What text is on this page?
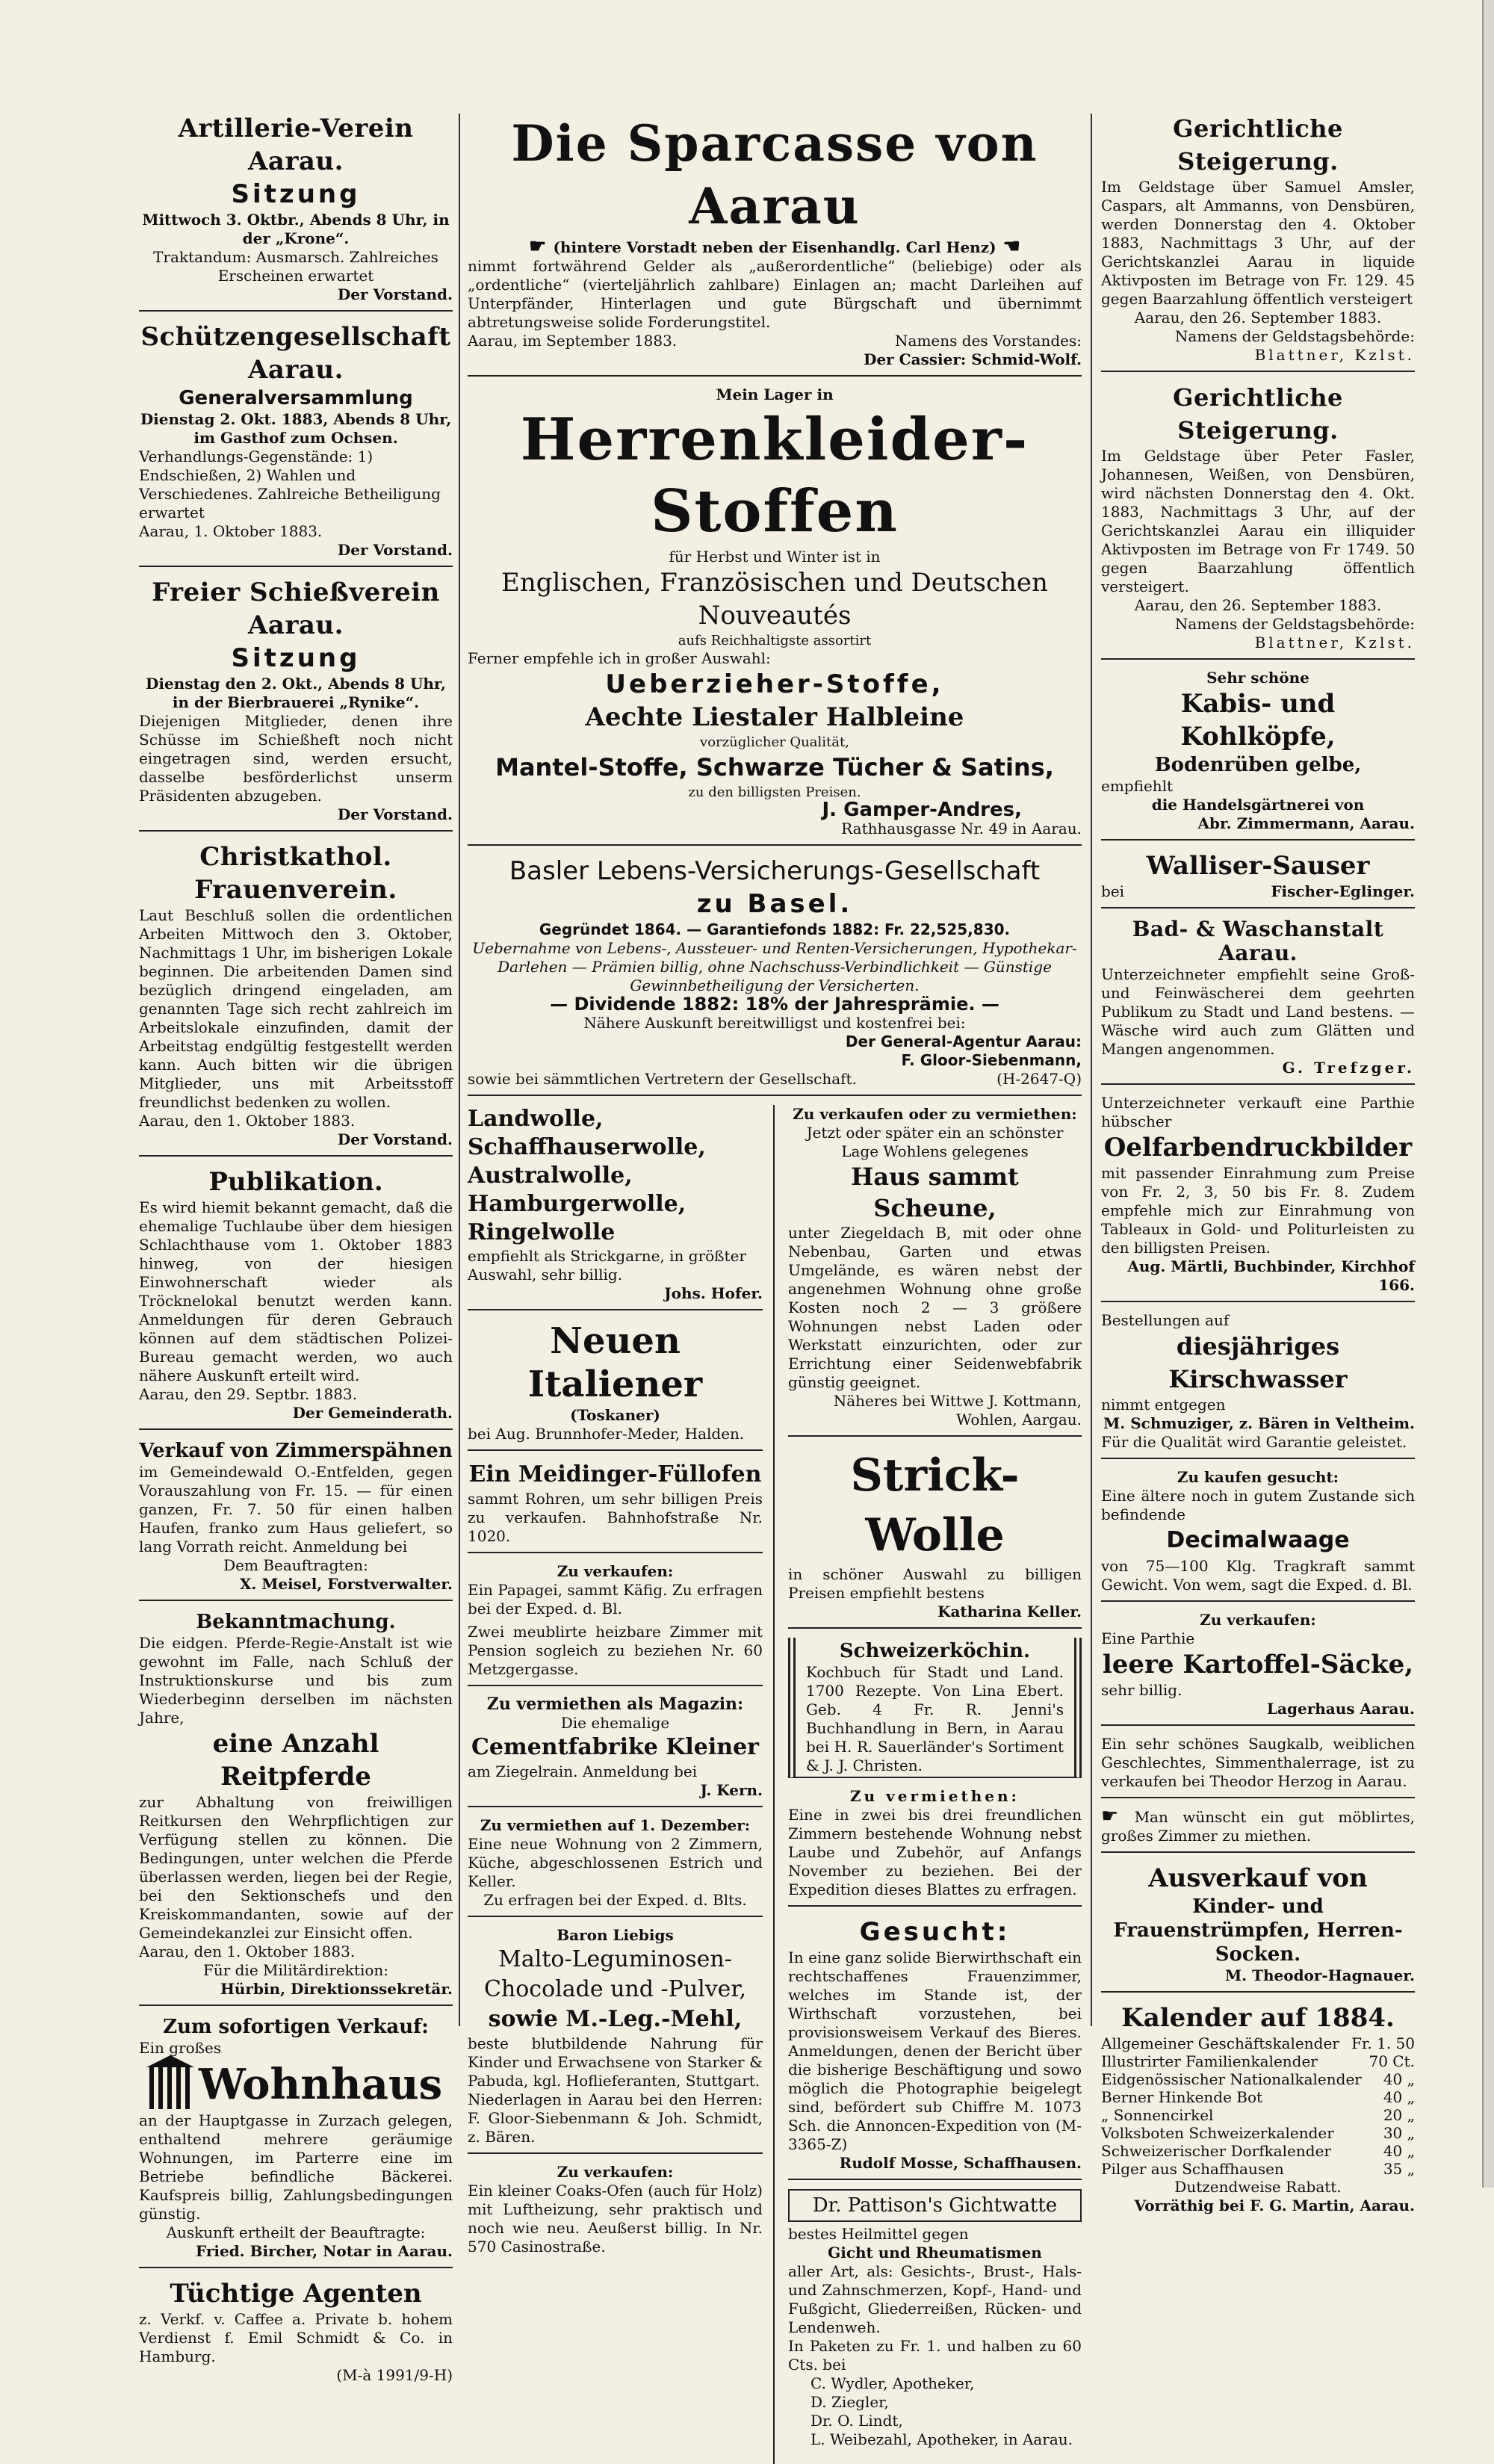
Artillerie-Verein Aarau.
Sitzung

Mittwoch 3. Oktbr., Abends 8 Uhr, in der „Krone“.

Traktandum: Ausmarsch. Zahlreiches Erscheinen erwartet

Der Vorstand.

Schützengesellschaft Aarau.
Generalversammlung

Dienstag 2. Okt. 1883, Abends 8 Uhr, im Gasthof zum Ochsen.

Verhandlungs-Gegenstände: 1) Endschießen, 2) Wahlen und Verschiedenes. Zahlreiche Betheiligung erwartet

Aarau, 1. Oktober 1883.

Der Vorstand.

Freier Schießverein Aarau.
Sitzung

Dienstag den 2. Okt., Abends 8 Uhr, in der Bierbrauerei „Rynike“.

Diejenigen Mitglieder, denen ihre Schüsse im Schießheft noch nicht eingetragen sind, werden ersucht, dasselbe besförderlichst unserm Präsidenten abzugeben.

Der Vorstand.

Christkathol. Frauenverein.

Laut Beschluß sollen die ordentlichen Arbeiten Mittwoch den 3. Oktober, Nachmittags 1 Uhr, im bisherigen Lokale beginnen. Die arbeitenden Damen sind bezüglich dringend eingeladen, am genannten Tage sich recht zahlreich im Arbeitslokale einzufinden, damit der Arbeitstag endgültig festgestellt werden kann. Auch bitten wir die übrigen Mitglieder, uns mit Arbeitsstoff freundlichst bedenken zu wollen.

Aarau, den 1. Oktober 1883.

Der Vorstand.

Publikation.

Es wird hiemit bekannt gemacht, daß die ehemalige Tuchlaube über dem hiesigen Schlachthause vom 1. Oktober 1883 hinweg, von der hiesigen Einwohnerschaft wieder als Tröcknelokal benutzt werden kann. Anmeldungen für deren Gebrauch können auf dem städtischen Polizei-Bureau gemacht werden, wo auch nähere Auskunft erteilt wird.

Aarau, den 29. Septbr. 1883.

Der Gemeinderath.

Verkauf von Zimmerspähnen

im Gemeindewald O.-Entfelden, gegen Vorauszahlung von Fr. 15. — für einen ganzen, Fr. 7. 50 für einen halben Haufen, franko zum Haus geliefert, so lang Vorrath reicht. Anmeldung bei

Dem Beauftragten:

X. Meisel, Forstverwalter.

Bekanntmachung.

Die eidgen. Pferde-Regie-Anstalt ist wie gewohnt im Falle, nach Schluß der Instruktionskurse und bis zum Wiederbeginn derselben im nächsten Jahre,

eine Anzahl Reitpferde

zur Abhaltung von freiwilligen Reitkursen den Wehrpflichtigen zur Verfügung stellen zu können. Die Bedingungen, unter welchen die Pferde überlassen werden, liegen bei der Regie, bei den Sektionschefs und den Kreiskommandanten, sowie auf der Gemeindekanzlei zur Einsicht offen.

Aarau, den 1. Oktober 1883.

Für die Militärdirektion:

Hürbin, Direktionssekretär.

Zum sofortigen Verkauf:

Ein großes

Wohnhaus

an der Hauptgasse in Zurzach gelegen, enthaltend mehrere geräumige Wohnungen, im Parterre eine im Betriebe befindliche Bäckerei. Kaufspreis billig, Zahlungsbedingungen günstig.

Auskunft ertheilt der Beauftragte:

Fried. Bircher, Notar in Aarau.

Tüchtige Agenten

z. Verkf. v. Caffee a. Private b. hohem Verdienst f. Emil Schmidt & Co. in Hamburg.

(M-à 1991/9-H)

Die Sparcasse von Aarau

☛ (hintere Vorstadt neben der Eisenhandlg. Carl Henz) ☚

nimmt fortwährend Gelder als „außerordentliche“ (beliebige) oder als „ordentliche“ (vierteljährlich zahlbare) Einlagen an; macht Darleihen auf Unterpfänder, Hinterlagen und gute Bürgschaft und übernimmt abtretungsweise solide Forderungstitel.

Aarau, im September 1883.	Namens des Vorstandes:

Der Cassier: Schmid-Wolf.

Mein Lager in

Herrenkleider-Stoffen

für Herbst und Winter ist in

Englischen, Französischen und Deutschen Nouveautés

aufs Reichhaltigste assortirt

Ferner empfehle ich in großer Auswahl:

Ueberzieher-Stoffe,
Aechte Liestaler Halbleine

vorzüglicher Qualität,

Mantel-Stoffe, Schwarze Tücher & Satins,

zu den billigsten Preisen.

J. Gamper-Andres,

Rathhausgasse Nr. 49 in Aarau.

Basler Lebens-Versicherungs-Gesellschaft
zu Basel.

Gegründet 1864. — Garantiefonds 1882: Fr. 22,525,830.

Uebernahme von Lebens-, Aussteuer- und Renten-Versicherungen, Hypothekar-Darlehen — Prämien billig, ohne Nachschuss-Verbindlichkeit — Günstige Gewinnbetheiligung der Versicherten.

— Dividende 1882: 18% der Jahresprämie. —

Nähere Auskunft bereitwilligst und kostenfrei bei:

Der General-Agentur Aarau:

F. Gloor-Siebenmann,

sowie bei sämmtlichen Vertretern der Gesellschaft.	(H-2647-Q)
Landwolle,
Schaffhauserwolle,
Australwolle,
Hamburgerwolle,
Ringelwolle

empfiehlt als Strickgarne, in größter Auswahl, sehr billig.

Johs. Hofer.

Neuen Italiener

(Toskaner)

bei Aug. Brunnhofer-Meder, Halden.

Ein Meidinger-Füllofen

sammt Rohren, um sehr billigen Preis zu verkaufen. Bahnhofstraße Nr. 1020.

Zu verkaufen:

Ein Papagei, sammt Käfig. Zu erfragen bei der Exped. d. Bl.

Zwei meublirte heizbare Zimmer mit Pension sogleich zu beziehen Nr. 60 Metzgergasse.

Zu vermiethen als Magazin:

Die ehemalige

Cementfabrike Kleiner

am Ziegelrain. Anmeldung bei

J. Kern.

Zu vermiethen auf 1. Dezember:

Eine neue Wohnung von 2 Zimmern, Küche, abgeschlossenen Estrich und Keller.

Zu erfragen bei der Exped. d. Blts.

Baron Liebigs

Malto-Leguminosen-Chocolade und -Pulver,
sowie M.-Leg.-Mehl,

beste blutbildende Nahrung für Kinder und Erwachsene von Starker & Pabuda, kgl. Hoflieferanten, Stuttgart.

Niederlagen in Aarau bei den Herren: F. Gloor-Siebenmann & Joh. Schmidt, z. Bären.

Zu verkaufen:

Ein kleiner Coaks-Ofen (auch für Holz) mit Luftheizung, sehr praktisch und noch wie neu. Aeußerst billig. In Nr. 570 Casinostraße.

Zu verkaufen oder zu vermiethen:

Jetzt oder später ein an schönster Lage Wohlens gelegenes

Haus sammt Scheune,

unter Ziegeldach B, mit oder ohne Nebenbau, Garten und etwas Umgelände, es wären nebst der angenehmen Wohnung ohne große Kosten noch 2 — 3 größere Wohnungen nebst Laden oder Werkstatt einzurichten, oder zur Errichtung einer Seidenwebfabrik günstig geeignet.

Näheres bei Wittwe J. Kottmann, Wohlen, Aargau.

Strick-Wolle

in schöner Auswahl zu billigen Preisen empfiehlt bestens

Katharina Keller.

Schweizerköchin.

Kochbuch für Stadt und Land. 1700 Rezepte. Von Lina Ebert. Geb. 4 Fr. R. Jenni's Buchhandlung in Bern, in Aarau bei H. R. Sauerländer's Sortiment & J. J. Christen.

Zu vermiethen:

Eine in zwei bis drei freundlichen Zimmern bestehende Wohnung nebst Laube und Zubehör, auf Anfangs November zu beziehen. Bei der Expedition dieses Blattes zu erfragen.

Gesucht:

In eine ganz solide Bierwirthschaft ein rechtschaffenes Frauenzimmer, welches im Stande ist, der Wirthschaft vorzustehen, bei provisionsweisem Verkauf des Bieres. Anmeldungen, denen der Bericht über die bisherige Beschäftigung und sowo möglich die Photographie beigelegt sind, befördert sub Chiffre M. 1073 Sch. die Annoncen-Expedition von (M-3365-Z)

Rudolf Mosse, Schaffhausen.

Dr. Pattison's Gichtwatte

bestes Heilmittel gegen

Gicht und Rheumatismen

aller Art, als: Gesichts-, Brust-, Hals- und Zahnschmerzen, Kopf-, Hand- und Fußgicht, Gliederreißen, Rücken- und Lendenweh.

In Paketen zu Fr. 1. und halben zu 60 Cts. bei

C. Wydler, Apotheker,

D. Ziegler,

Dr. O. Lindt,

L. Weibezahl, Apotheker, in Aarau.

Gerichtliche Steigerung.

Im Geldstage über Samuel Amsler, Caspars, alt Ammanns, von Densbüren, werden Donnerstag den 4. Oktober 1883, Nachmittags 3 Uhr, auf der Gerichtskanzlei Aarau in liquide Aktivposten im Betrage von Fr. 129. 45 gegen Baarzahlung öffentlich versteigert

Aarau, den 26. September 1883.

Namens der Geldstagsbehörde:

Blattner, Kzlst.

Gerichtliche Steigerung.

Im Geldstage über Peter Fasler, Johannesen, Weißen, von Densbüren, wird nächsten Donnerstag den 4. Okt. 1883, Nachmittags 3 Uhr, auf der Gerichtskanzlei Aarau ein illiquider Aktivposten im Betrage von Fr 1749. 50 gegen Baarzahlung öffentlich versteigert.

Aarau, den 26. September 1883.

Namens der Geldstagsbehörde:

Blattner, Kzlst.

Sehr schöne

Kabis- und Kohlköpfe,
Bodenrüben gelbe,

empfiehlt

die Handelsgärtnerei von

Abr. Zimmermann, Aarau.

Walliser-Sauser
bei	Fischer-Eglinger.
Bad- & Waschanstalt Aarau.

Unterzeichneter empfiehlt seine Groß- und Feinwäscherei dem geehrten Publikum zu Stadt und Land bestens. — Wäsche wird auch zum Glätten und Mangen angenommen.

G. Trefzger.

Unterzeichneter verkauft eine Parthie hübscher

Oelfarbendruckbilder

mit passender Einrahmung zum Preise von Fr. 2, 3, 50 bis Fr. 8. Zudem empfehle mich zur Einrahmung von Tableaux in Gold- und Politurleisten zu den billigsten Preisen.

Aug. Märtli, Buchbinder, Kirchhof 166.

Bestellungen auf

diesjähriges Kirschwasser

nimmt entgegen

M. Schmuziger, z. Bären in Veltheim.

Für die Qualität wird Garantie geleistet.

Zu kaufen gesucht:

Eine ältere noch in gutem Zustande sich befindende

Decimalwaage

von 75—100 Klg. Tragkraft sammt Gewicht. Von wem, sagt die Exped. d. Bl.

Zu verkaufen:

Eine Parthie

leere Kartoffel-Säcke,

sehr billig.

Lagerhaus Aarau.

Ein sehr schönes Saugkalb, weiblichen Geschlechtes, Simmenthalerrage, ist zu verkaufen bei Theodor Herzog in Aarau.

☛ Man wünscht ein gut möblirtes, großes Zimmer zu miethen.

Ausverkauf von
Kinder- und Frauenstrümpfen, Herren-Socken.

M. Theodor-Hagnauer.

Kalender auf 1884.
Allgemeiner Geschäftskalender Fr. 1. 50
Illustrirter Familienkalender	70 Ct.
Eidgenössischer Nationalkalender 40 „
Berner Hinkende Bot	40 „
„ Sonnencirkel	20 „
Volksboten Schweizerkalender	30 „
Schweizerischer Dorfkalender	40 „
Pilger aus Schaffhausen	35 „

Dutzendweise Rabatt.

Vorräthig bei F. G. Martin, Aarau.
